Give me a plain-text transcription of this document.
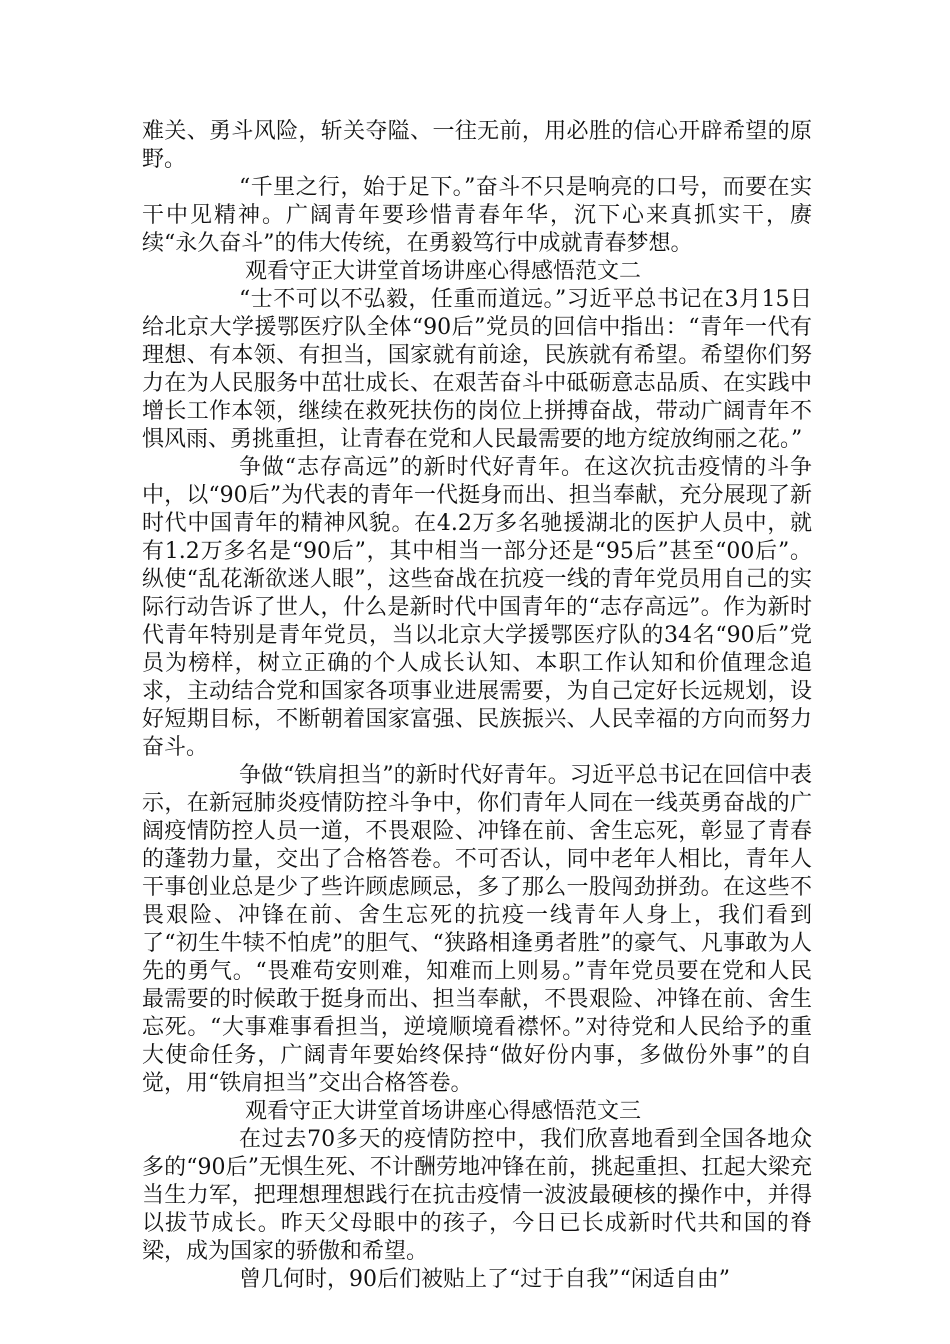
难关、勇斗风险，斩关夺隘、一往无前，用必胜的信心开辟希望的原野。

“千里之行，始于足下。”奋斗不只是响亮的口号，而要在实干中见精神。广阔青年要珍惜青春年华，沉下心来真抓实干，赓续“永久奋斗”的伟大传统，在勇毅笃行中成就青春梦想。

观看守正大讲堂首场讲座心得感悟范文二

“士不可以不弘毅，任重而道远。”习近平总书记在3月15日给北京大学援鄂医疗队全体“90后”党员的回信中指出：“青年一代有理想、有本领、有担当，国家就有前途，民族就有希望。希望你们努力在为人民服务中茁壮成长、在艰苦奋斗中砥砺意志品质、在实践中增长工作本领，继续在救死扶伤的岗位上拼搏奋战，带动广阔青年不惧风雨、勇挑重担，让青春在党和人民最需要的地方绽放绚丽之花。”

争做“志存高远”的新时代好青年。在这次抗击疫情的斗争中，以“90后”为代表的青年一代挺身而出、担当奉献，充分展现了新时代中国青年的精神风貌。在4.2万多名驰援湖北的医护人员中，就有1.2万多名是“90后”，其中相当一部分还是“95后”甚至“00后”。纵使“乱花渐欲迷人眼”，这些奋战在抗疫一线的青年党员用自己的实际行动告诉了世人，什么是新时代中国青年的“志存高远”。作为新时代青年特别是青年党员，当以北京大学援鄂医疗队的34名“90后”党员为榜样，树立正确的个人成长认知、本职工作认知和价值理念追求，主动结合党和国家各项事业进展需要，为自己定好长远规划，设好短期目标，不断朝着国家富强、民族振兴、人民幸福的方向而努力奋斗。

争做“铁肩担当”的新时代好青年。习近平总书记在回信中表示，在新冠肺炎疫情防控斗争中，你们青年人同在一线英勇奋战的广阔疫情防控人员一道，不畏艰险、冲锋在前、舍生忘死，彰显了青春的蓬勃力量，交出了合格答卷。不可否认，同中老年人相比，青年人干事创业总是少了些许顾虑顾忌，多了那么一股闯劲拼劲。在这些不畏艰险、冲锋在前、舍生忘死的抗疫一线青年人身上，我们看到了“初生牛犊不怕虎”的胆气、“狭路相逢勇者胜”的豪气、凡事敢为人先的勇气。“畏难苟安则难，知难而上则易。”青年党员要在党和人民最需要的时候敢于挺身而出、担当奉献，不畏艰险、冲锋在前、舍生忘死。“大事难事看担当，逆境顺境看襟怀。”对待党和人民给予的重大使命任务，广阔青年要始终保持“做好份内事，多做份外事”的自觉，用“铁肩担当”交出合格答卷。

观看守正大讲堂首场讲座心得感悟范文三

在过去70多天的疫情防控中，我们欣喜地看到全国各地众多的“90后”无惧生死、不计酬劳地冲锋在前，挑起重担、扛起大梁充当生力军，把理想理想践行在抗击疫情一波波最硬核的操作中，并得以拔节成长。昨天父母眼中的孩子，今日已长成新时代共和国的脊梁，成为国家的骄傲和希望。

曾几何时，90后们被贴上了“过于自我”“闲适自由”
